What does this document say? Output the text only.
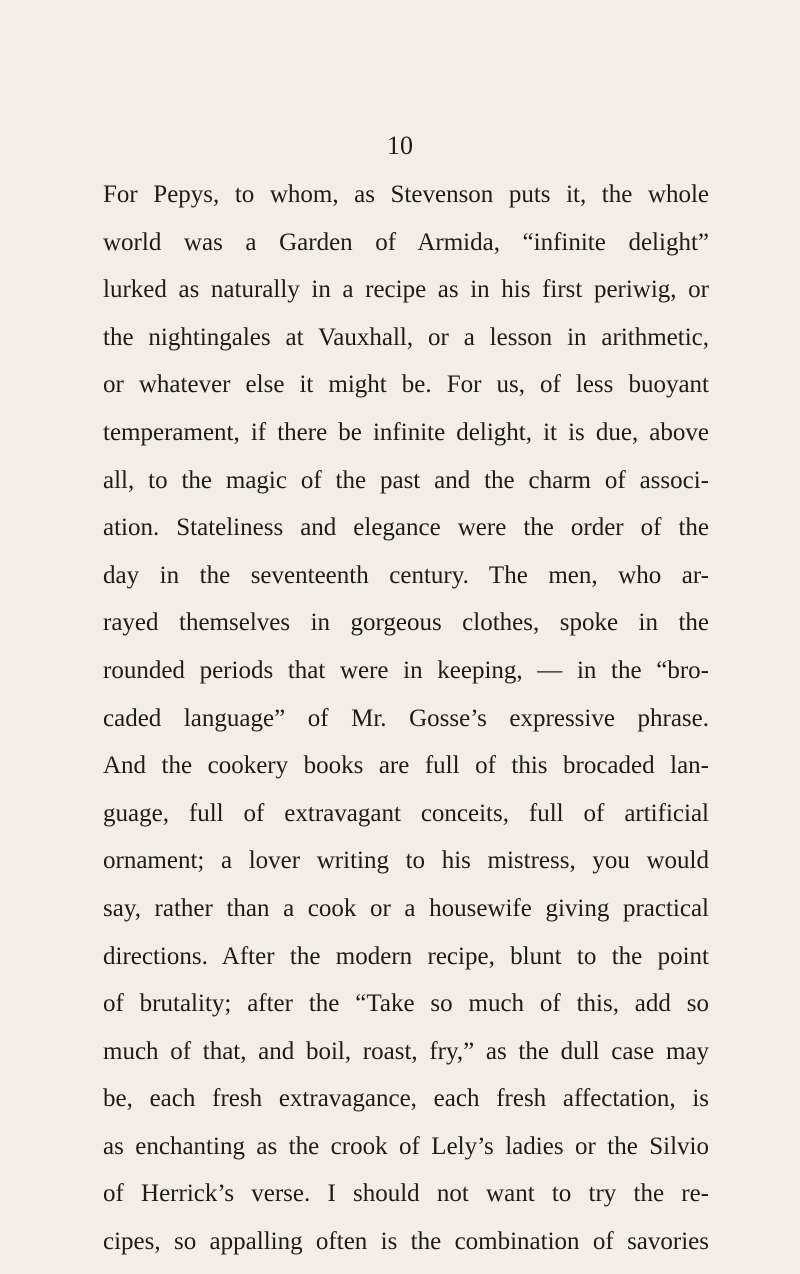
10
For Pepys, to whom, as Stevenson puts it, the whole
world was a Garden of Armida, “infinite delight”
lurked as naturally in a recipe as in his first periwig, or
the nightingales at Vauxhall, or a lesson in arithmetic,
or whatever else it might be. For us, of less buoyant
temperament, if there be infinite delight, it is due, above
all, to the magic of the past and the charm of associ-
ation. Stateliness and elegance were the order of the
day in the seventeenth century. The men, who ar-
rayed themselves in gorgeous clothes, spoke in the
rounded periods that were in keeping, — in the “bro-
caded language” of Mr. Gosse’s expressive phrase.
And the cookery books are full of this brocaded lan-
guage, full of extravagant conceits, full of artificial
ornament; a lover writing to his mistress, you would
say, rather than a cook or a housewife giving practical
directions. After the modern recipe, blunt to the point
of brutality; after the “Take so much of this, add so
much of that, and boil, roast, fry,” as the dull case may
be, each fresh extravagance, each fresh affectation, is
as enchanting as the crook of Lely’s ladies or the Silvio
of Herrick’s verse. I should not want to try the re-
cipes, so appalling often is the combination of savories
